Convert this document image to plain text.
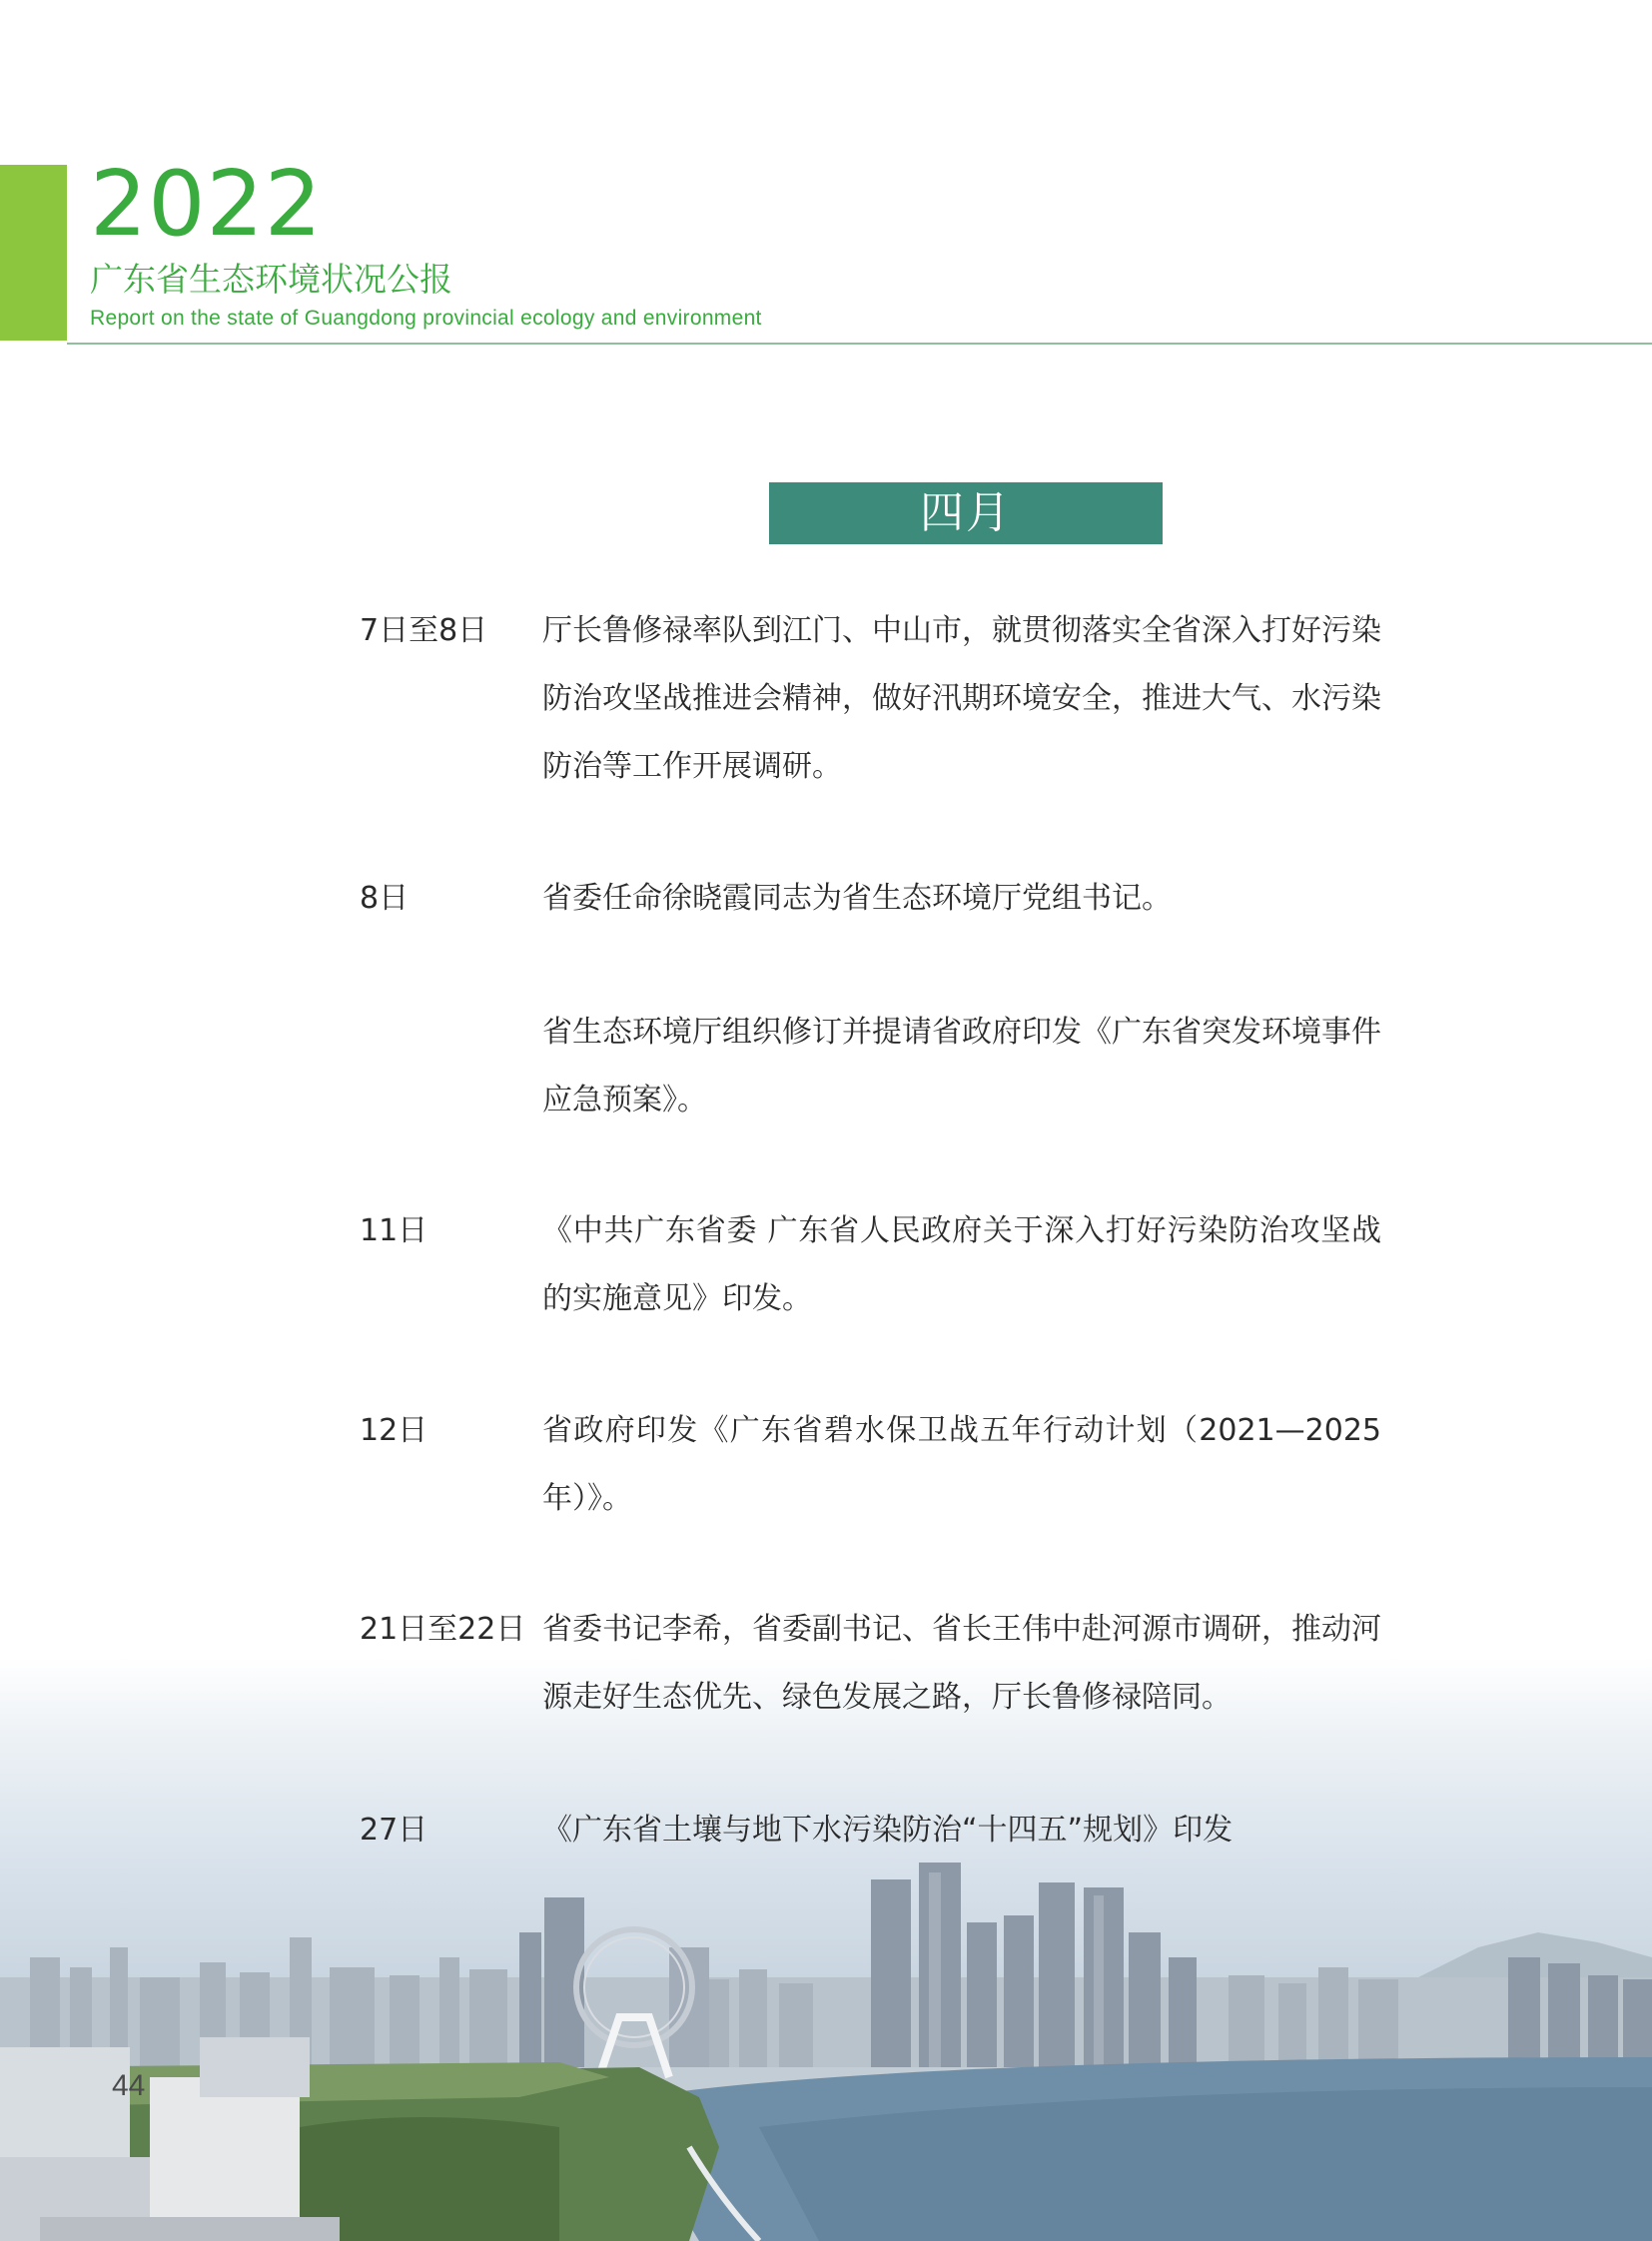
2022
广东省生态环境状况公报
Report on the state of Guangdong provincial ecology and environment
四月
7日至8日 厅长鲁修禄率队到江门、中山市，就贯彻落实全省深入打好污染防治攻坚战推进会精神，做好汛期环境安全，推进大气、水污染防治等工作开展调研。
8日	省委任命徐晓霞同志为省生态环境厅党组书记。
省生态环境厅组织修订并提请省政府印发《广东省突发环境事件应急预案》。
11日	《中共广东省委 广东省人民政府关于深入打好污染防治攻坚战的实施意见》印发。
12日	省政府印发《广东省碧水保卫战五年行动计划（2021—2025年）》。
21日至22日 省委书记李希，省委副书记、省长王伟中赴河源市调研，推动河源走好生态优先、绿色发展之路，厅长鲁修禄陪同。
27日	《广东省土壤与地下水污染防治“十四五”规划》印发
44
